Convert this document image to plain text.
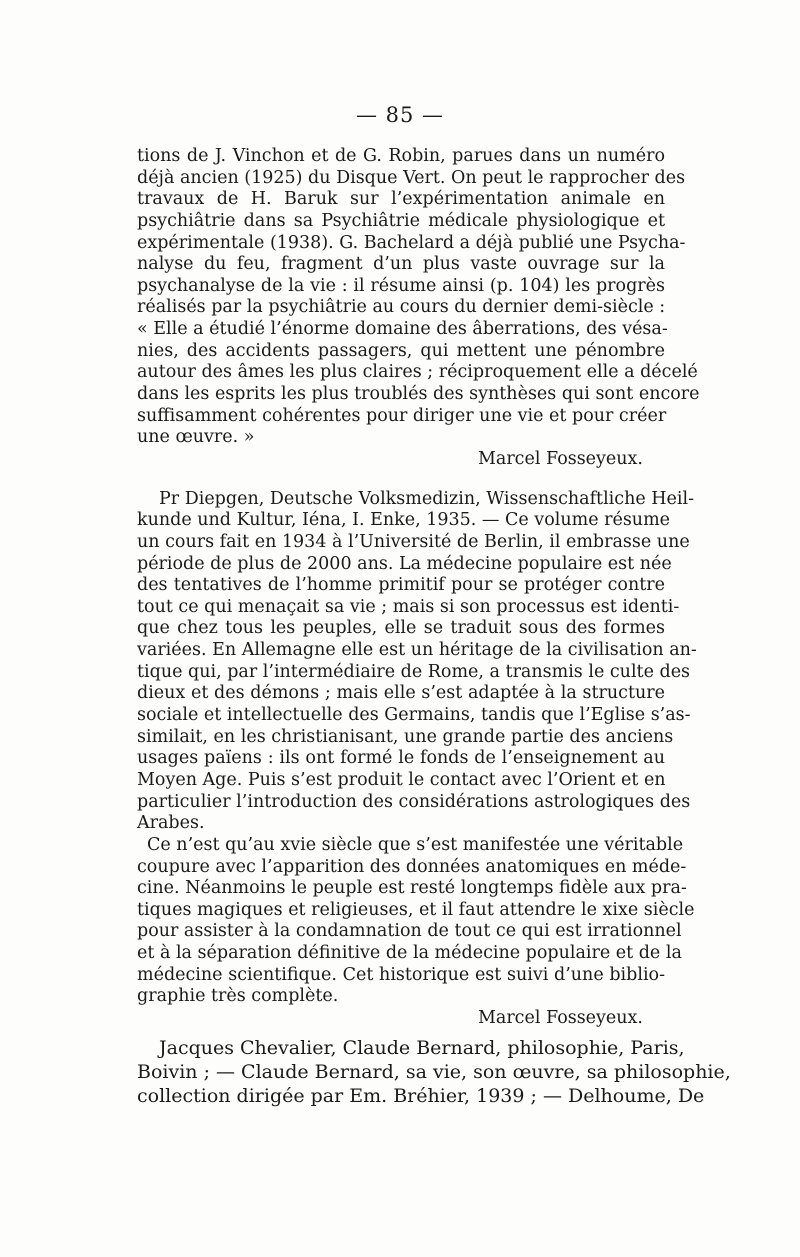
— 85 —
tions de J. Vinchon et de G. Robin, parues dans un numéro
déjà ancien (1925) du Disque Vert. On peut le rapprocher des
travaux de H. Baruk sur l’expérimentation animale en
psychiâtrie dans sa Psychiâtrie médicale physiologique et
expérimentale (1938). G. Bachelard a déjà publié une Psycha-
nalyse du feu, fragment d’un plus vaste ouvrage sur la
psychanalyse de la vie : il résume ainsi (p. 104) les progrès
réalisés par la psychiâtrie au cours du dernier demi-siècle :
« Elle a étudié l’énorme domaine des âberrations, des vésa-
nies, des accidents passagers, qui mettent une pénombre
autour des âmes les plus claires ; réciproquement elle a décelé
dans les esprits les plus troublés des synthèses qui sont encore
suffisamment cohérentes pour diriger une vie et pour créer
une œuvre. »
Marcel Fosseyeux.
Pr Diepgen, Deutsche Volksmedizin, Wissenschaftliche Heil-
kunde und Kultur, Iéna, I. Enke, 1935. — Ce volume résume
un cours fait en 1934 à l’Université de Berlin, il embrasse une
période de plus de 2000 ans. La médecine populaire est née
des tentatives de l’homme primitif pour se protéger contre
tout ce qui menaçait sa vie ; mais si son processus est identi-
que chez tous les peuples, elle se traduit sous des formes
variées. En Allemagne elle est un héritage de la civilisation an-
tique qui, par l’intermédiaire de Rome, a transmis le culte des
dieux et des démons ; mais elle s’est adaptée à la structure
sociale et intellectuelle des Germains, tandis que l’Eglise s’as-
similait, en les christianisant, une grande partie des anciens
usages païens : ils ont formé le fonds de l’enseignement au
Moyen Age. Puis s’est produit le contact avec l’Orient et en
particulier l’introduction des considérations astrologiques des
Arabes.
Ce n’est qu’au xvie siècle que s’est manifestée une véritable
coupure avec l’apparition des données anatomiques en méde-
cine. Néanmoins le peuple est resté longtemps fidèle aux pra-
tiques magiques et religieuses, et il faut attendre le xixe siècle
pour assister à la condamnation de tout ce qui est irrationnel
et à la séparation définitive de la médecine populaire et de la
médecine scientifique. Cet historique est suivi d’une biblio-
graphie très complète.
Marcel Fosseyeux.
Jacques Chevalier, Claude Bernard, philosophie, Paris,
Boivin ; — Claude Bernard, sa vie, son œuvre, sa philosophie,
collection dirigée par Em. Bréhier, 1939 ; — Delhoume, De
